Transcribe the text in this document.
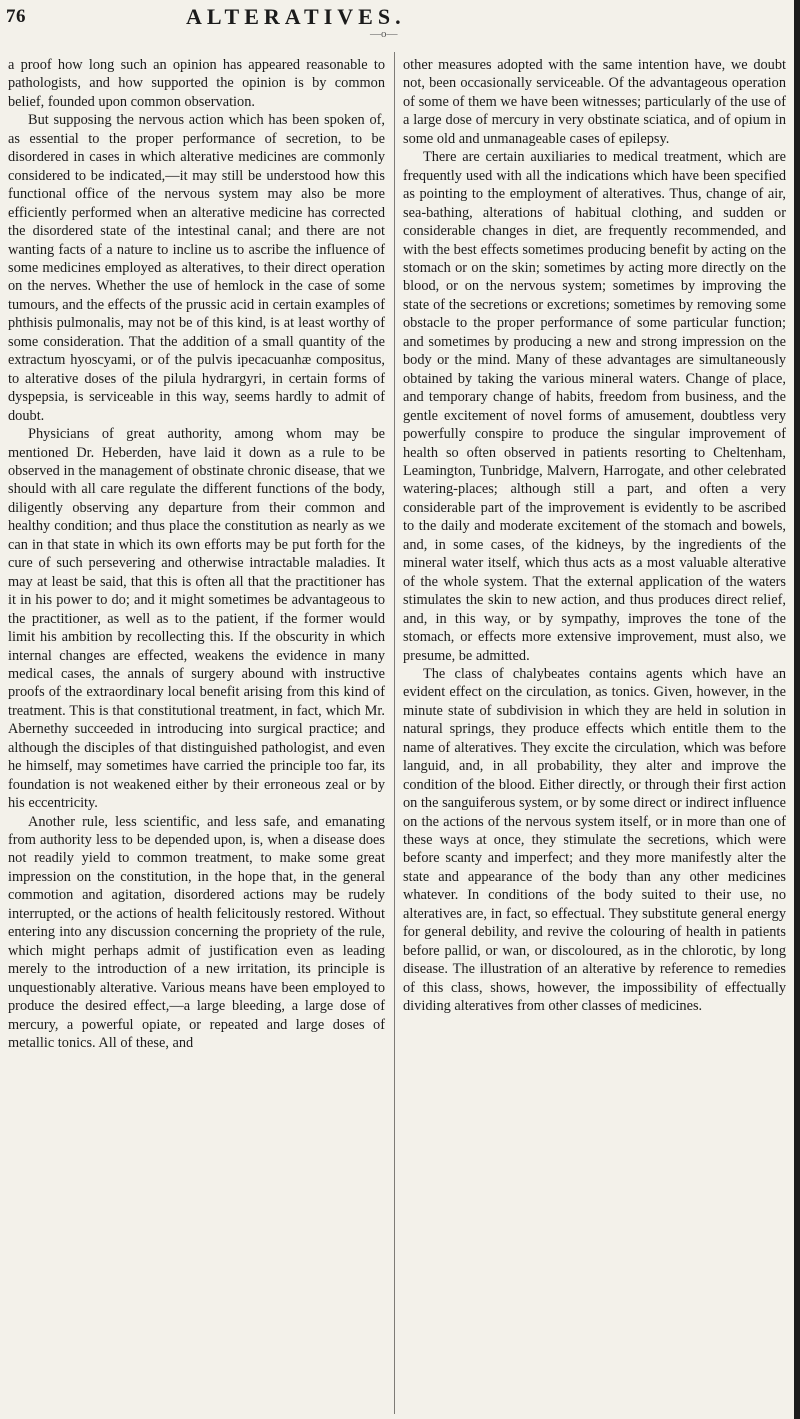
76	ALTERATIVES.
—o—

a proof how long such an opinion has appeared reasonable to pathologists, and how supported the opinion is by common belief, founded upon common observation.

But supposing the nervous action which has been spoken of, as essential to the proper performance of secretion, to be disordered in cases in which alterative medicines are commonly considered to be indicated,—it may still be understood how this functional office of the nervous system may also be more efficiently performed when an alterative medicine has corrected the disordered state of the intestinal canal; and there are not wanting facts of a nature to incline us to ascribe the influence of some medicines employed as alteratives, to their direct operation on the nerves. Whether the use of hemlock in the case of some tumours, and the effects of the prussic acid in certain examples of phthisis pulmonalis, may not be of this kind, is at least worthy of some consideration. That the addition of a small quantity of the extractum hyoscyami, or of the pulvis ipecacuanhæ compositus, to alterative doses of the pilula hydrargyri, in certain forms of dyspepsia, is serviceable in this way, seems hardly to admit of doubt.

Physicians of great authority, among whom may be mentioned Dr. Heberden, have laid it down as a rule to be observed in the management of obstinate chronic disease, that we should with all care regulate the different functions of the body, diligently observing any departure from their common and healthy condition; and thus place the constitution as nearly as we can in that state in which its own efforts may be put forth for the cure of such persevering and otherwise intractable maladies. It may at least be said, that this is often all that the practitioner has it in his power to do; and it might sometimes be advantageous to the practitioner, as well as to the patient, if the former would limit his ambition by recollecting this. If the obscurity in which internal changes are effected, weakens the evidence in many medical cases, the annals of surgery abound with instructive proofs of the extraordinary local benefit arising from this kind of treatment. This is that constitutional treatment, in fact, which Mr. Abernethy succeeded in introducing into surgical practice; and although the disciples of that distinguished pathologist, and even he himself, may sometimes have carried the principle too far, its foundation is not weakened either by their erroneous zeal or by his eccentricity.

Another rule, less scientific, and less safe, and emanating from authority less to be depended upon, is, when a disease does not readily yield to common treatment, to make some great impression on the constitution, in the hope that, in the general commotion and agitation, disordered actions may be rudely interrupted, or the actions of health felicitously restored. Without entering into any discussion concerning the propriety of the rule, which might perhaps admit of justification even as leading merely to the introduction of a new irritation, its principle is unquestionably alterative. Various means have been employed to produce the desired effect,—a large bleeding, a large dose of mercury, a powerful opiate, or repeated and large doses of metallic tonics. All of these, and

other measures adopted with the same intention have, we doubt not, been occasionally serviceable. Of the advantageous operation of some of them we have been witnesses; particularly of the use of a large dose of mercury in very obstinate sciatica, and of opium in some old and unmanageable cases of epilepsy.

There are certain auxiliaries to medical treatment, which are frequently used with all the indications which have been specified as pointing to the employment of alteratives. Thus, change of air, sea-bathing, alterations of habitual clothing, and sudden or considerable changes in diet, are frequently recommended, and with the best effects sometimes producing benefit by acting on the stomach or on the skin; sometimes by acting more directly on the blood, or on the nervous system; sometimes by improving the state of the secretions or excretions; sometimes by removing some obstacle to the proper performance of some particular function; and sometimes by producing a new and strong impression on the body or the mind. Many of these advantages are simultaneously obtained by taking the various mineral waters. Change of place, and temporary change of habits, freedom from business, and the gentle excitement of novel forms of amusement, doubtless very powerfully conspire to produce the singular improvement of health so often observed in patients resorting to Cheltenham, Leamington, Tunbridge, Malvern, Harrogate, and other celebrated watering-places; although still a part, and often a very considerable part of the improvement is evidently to be ascribed to the daily and moderate excitement of the stomach and bowels, and, in some cases, of the kidneys, by the ingredients of the mineral water itself, which thus acts as a most valuable alterative of the whole system. That the external application of the waters stimulates the skin to new action, and thus produces direct relief, and, in this way, or by sympathy, improves the tone of the stomach, or effects more extensive improvement, must also, we presume, be admitted.

The class of chalybeates contains agents which have an evident effect on the circulation, as tonics. Given, however, in the minute state of subdivision in which they are held in solution in natural springs, they produce effects which entitle them to the name of alteratives. They excite the circulation, which was before languid, and, in all probability, they alter and improve the condition of the blood. Either directly, or through their first action on the sanguiferous system, or by some direct or indirect influence on the actions of the nervous system itself, or in more than one of these ways at once, they stimulate the secretions, which were before scanty and imperfect; and they more manifestly alter the state and appearance of the body than any other medicines whatever. In conditions of the body suited to their use, no alteratives are, in fact, so effectual. They substitute general energy for general debility, and revive the colouring of health in patients before pallid, or wan, or discoloured, as in the chlorotic, by long disease. The illustration of an alterative by reference to remedies of this class, shows, however, the impossibility of effectually dividing alteratives from other classes of medicines.
